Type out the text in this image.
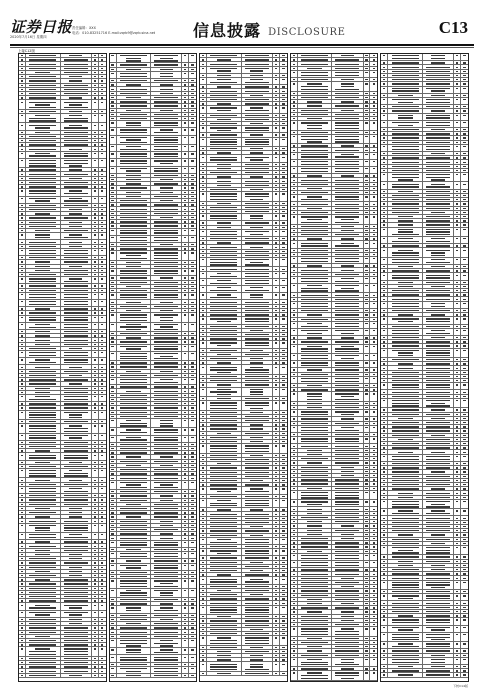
证券日报
2020年7月16日 星期四
责任编辑：XXX
电话：010-83251716 E-mail:zqrb9@zqrb.sina.net 信息披露 DISCLOSURE	C13
上接C12版
下转C14版
